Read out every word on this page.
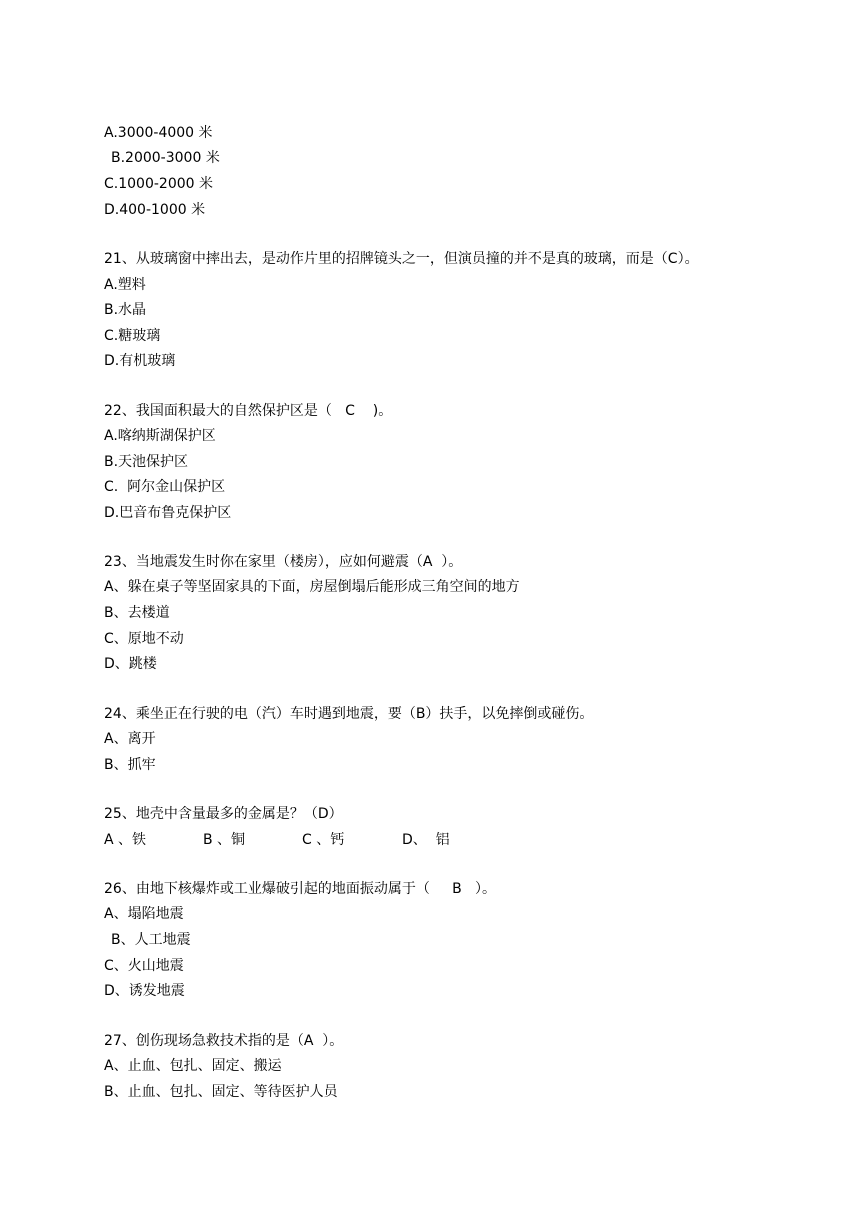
A.3000-4000 米
B.2000-3000 米
C.1000-2000 米
D.400-1000 米
21、从玻璃窗中摔出去，是动作片里的招牌镜头之一，但演员撞的并不是真的玻璃，而是（C）。
A.塑料
B.水晶
C.糖玻璃
D.有机玻璃
22、我国面积最大的自然保护区是（   C    )。
A.喀纳斯湖保护区
B.天池保护区
C.  阿尔金山保护区
D.巴音布鲁克保护区
23、当地震发生时你在家里（楼房），应如何避震（A  ）。
A、躲在桌子等坚固家具的下面，房屋倒塌后能形成三角空间的地方
B、去楼道
C、原地不动
D、跳楼
24、乘坐正在行驶的电（汽）车时遇到地震，要（B）扶手，以免摔倒或碰伤。
A、离开
B、抓牢
25、地壳中含量最多的金属是？（D）

A 、铁

	B 、铜

	C 、钙

	D、  铝

26、由地下核爆炸或工业爆破引起的地面振动属于（     B   ）。
A、塌陷地震
B、人工地震
C、火山地震
D、诱发地震
27、创伤现场急救技术指的是（A  ）。
A、止血、包扎、固定、搬运
B、止血、包扎、固定、等待医护人员
